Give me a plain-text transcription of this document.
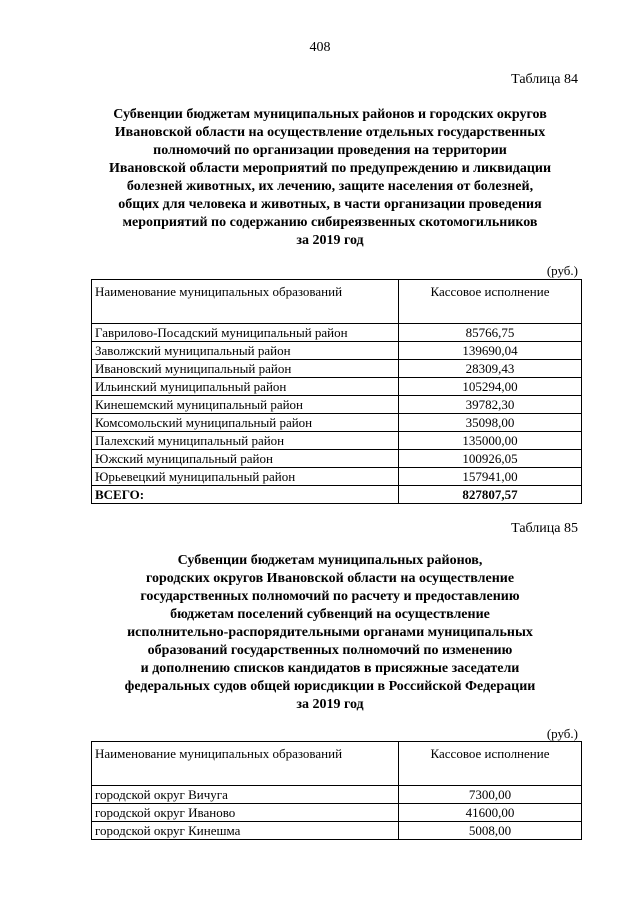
408
Таблица 84
Субвенции бюджетам муниципальных районов и городских округов
Ивановской области на осуществление отдельных государственных
полномочий по организации проведения на территории
Ивановской области мероприятий по предупреждению и ликвидации
болезней животных, их лечению, защите населения от болезней,
общих для человека и животных, в части организации проведения
мероприятий по содержанию сибиреязвенных скотомогильников
за 2019 год
(руб.)
Наименование муниципальных образований	Кассовое исполнение
Гаврилово-Посадский муниципальный район	85766,75
Заволжский муниципальный район	139690,04
Ивановский муниципальный район	28309,43
Ильинский муниципальный район	105294,00
Кинешемский муниципальный район	39782,30
Комсомольский муниципальный район	35098,00
Палехский муниципальный район	135000,00
Южский муниципальный район	100926,05
Юрьевецкий муниципальный район	157941,00
ВСЕГО:	827807,57
Таблица 85
Субвенции бюджетам муниципальных районов,
городских округов Ивановской области на осуществление
государственных полномочий по расчету и предоставлению
бюджетам поселений субвенций на осуществление
исполнительно-распорядительными органами муниципальных
образований государственных полномочий по изменению
и дополнению списков кандидатов в присяжные заседатели
федеральных судов общей юрисдикции в Российской Федерации
за 2019 год
(руб.)
Наименование муниципальных образований	Кассовое исполнение
городской округ Вичуга	7300,00
городской округ Иваново	41600,00
городской округ Кинешма	5008,00
